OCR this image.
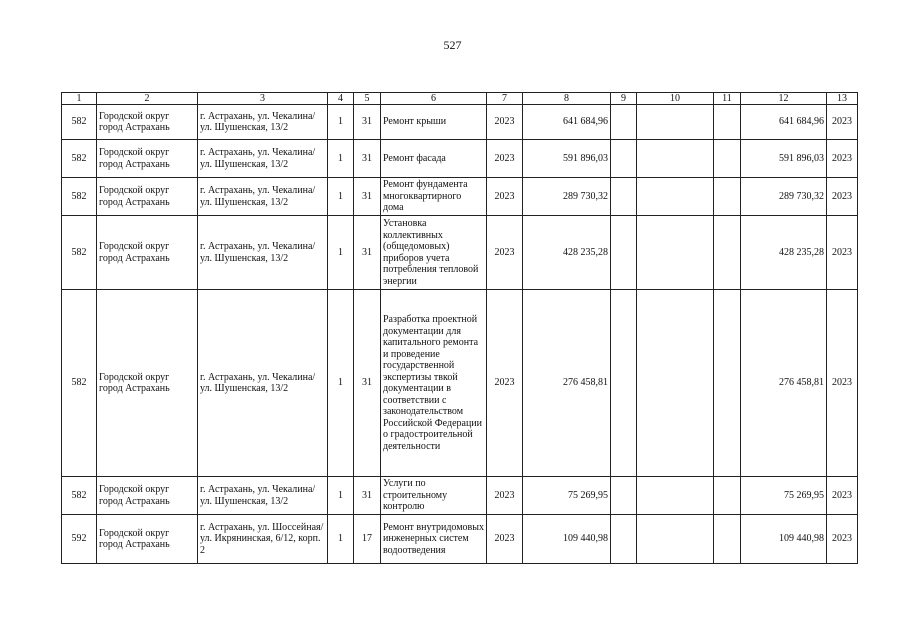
527
1	2	3	4	5	6	7	8	9	10	11	12	13
582	Городской округ город Астрахань	г. Астрахань, ул. Чекалина/ ул. Шушенская, 13/2	1	31	Ремонт крыши	2023	641 684,96				641 684,96	2023
582	Городской округ город Астрахань	г. Астрахань, ул. Чекалина/ ул. Шушенская, 13/2	1	31	Ремонт фасада	2023	591 896,03				591 896,03	2023
582	Городской округ город Астрахань	г. Астрахань, ул. Чекалина/ ул. Шушенская, 13/2	1	31	Ремонт фундамента многоквартирного дома	2023	289 730,32				289 730,32	2023
582	Городской округ город Астрахань	г. Астрахань, ул. Чекалина/ ул. Шушенская, 13/2	1	31	Установка коллективных (общедомовых) приборов учета потребления тепловой энергии	2023	428 235,28				428 235,28	2023
582	Городской округ город Астрахань	г. Астрахань, ул. Чекалина/ ул. Шушенская, 13/2	1	31	Разработка проектной документации для капитального ремонта и проведение государственной экспертизы твкой документации в соответствии с законодательством Российской Федерации о градостроительной деятельности	2023	276 458,81				276 458,81	2023
582	Городской округ город Астрахань	г. Астрахань, ул. Чекалина/ ул. Шушенская, 13/2	1	31	Услуги по строительному контролю	2023	75 269,95				75 269,95	2023
592	Городской округ город Астрахань	г. Астрахань, ул. Шоссейная/ ул. Икрянинская, 6/12, корп. 2	1	17	Ремонт внутридомовых инженерных систем водоотведения	2023	109 440,98				109 440,98	2023
